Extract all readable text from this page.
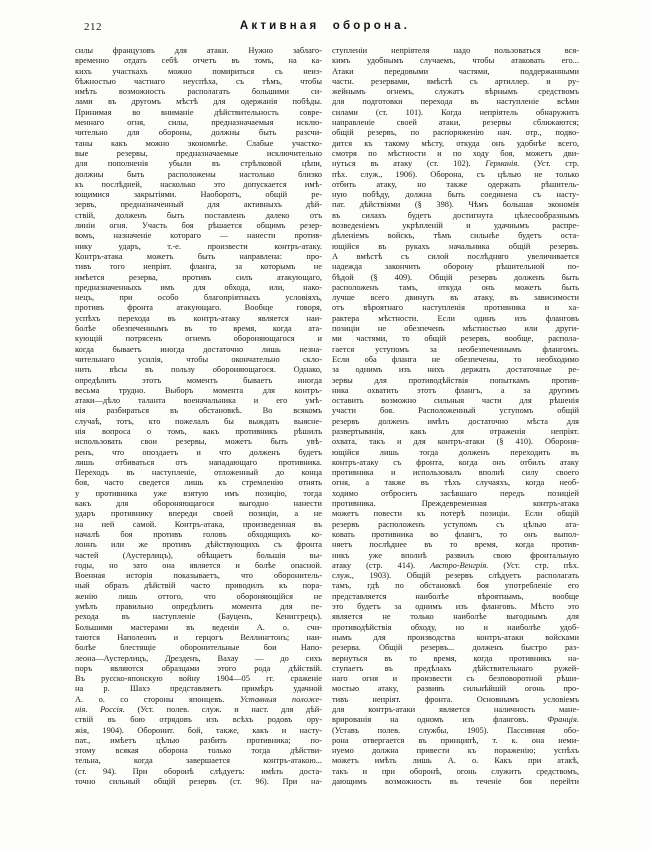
212	Активная оборона.
силы французовъ для атаки. Нужно заблаго-
временно отдать себѣ отчетъ въ томъ, на ка-
кихъ участкахъ можно помириться съ неиз-
бѣжностью частнаго неуспѣха, съ тѣмъ, чтобы
имѣть возможность располагать большими си-
лами въ другомъ мѣстѣ для одержанія побѣды.
Принимая во вниманіе дѣйствительность совре-
меннаго огня, силы, предназначаемыя исклю-
чительно для обороны, должны быть разсчи-
таны какъ можно экономнѣе. Слабые участко-
вые резервы, предназначаемые исключительно
для пополненія убыли въ стрѣлковой цѣпи,
должны быть расположены настолько близко
къ послѣдней, насколько это допускается имѣ-
ющимися закрытіями. Наоборотъ, общій ре-
зервъ, предназначенный для активныхъ дѣй-
ствій, долженъ быть поставленъ далеко отъ
линіи огня. Участь боя рѣшается общимъ резер-
вомъ, назначеніе котораго — нанести против-
нику ударъ, т.-е. произвести контръ-атаку.
Контръ-атака можетъ быть направлена: про-
тивъ того непріят. фланга, за которымъ не
имѣется резерва, противъ силъ атакующаго,
предназначенныхъ имъ для обхода, или, нако-
нецъ, при особо благопріятныхъ условіяхъ,
противъ фронта атакующаго. Вообще говоря,
успѣхъ перехода въ контръ-атаку является наи-
болѣе обезпеченнымъ въ то время, когда ата-
кующій потрясенъ огнемъ обороняющагося и
когда бываетъ иногда достаточно лишь незна-
чительнаго усилія, чтобы окончательно скло-
нить вѣсы въ пользу обороняющагося. Однако,
опредѣлить этотъ моментъ бываетъ иногда
весьма трудно. Выборъ момента для контръ-
атаки—дѣло таланта военачальника и его умѣ-
нія разбираться въ обстановкѣ. Во всякомъ
случаѣ, тотъ, кто пожелалъ бы выждать выясне-
нія вопроса о томъ, какъ противникъ рѣшилъ
использовать свои резервы, можетъ быть увѣ-
ренъ, что опоздаетъ и что долженъ будетъ
лишь отбиваться отъ нападающаго противника.
Переходъ въ наступленіе, отложенный до конца
боя, часто сведется лишь къ стремленію отнять
у противника уже взятую имъ позицію, тогда
какъ для обороняющагося выгодно нанести
ударъ противнику впереди своей позиціи, а не
на ней самой. Контръ-атака, произведенная въ
началѣ боя противъ головъ обходящихъ ко-
лоннъ или же противъ дѣйствующихъ съ фронта
частей (Аустерлицъ), обѣщаетъ большія вы-
годы, но зато она является и болѣе опасной.
Военная исторія показываетъ, что оборонитель-
ный образъ дѣйствій часто приводилъ къ пора-
женію лишь оттого, что обороняющійся не
умѣлъ правильно опредѣлить момента для пе-
рехода въ наступленіе (Бауценъ, Кениггрецъ).
Большими мастерами въ веденіи А. о. счи-
таются Наполеонъ и герцогъ Веллингтонъ; наи-
болѣе блестящіе оборонительные бои Напо-
леона—Аустерлицъ, Дрезденъ, Вахау — до сихъ
поръ являются образцами этого рода дѣйствій.
Въ русско-японскую войну 1904—05 гг. сраженіе
на р. Шахэ представляетъ примѣръ удачной
А. о. со стороны японцевъ. Уставныя положе-
нія. Россія. (Уст. полев. служ. и наст. для дѣй-
ствій въ бою отрядовъ изъ всѣхъ родовъ ору-
жія, 1904). Оборонит. бой, также, какъ и насту-
пат., имѣетъ цѣлью разбить противника; по-
этому всякая оборона только тогда дѣйстви-
тельна, когда завершается контръ-атакою...
(ст. 94). При оборонѣ слѣдуетъ: имѣть доста-
точно сильный общій резервъ (ст. 96). При на-
ступленіи непріятеля надо пользоваться вся-
кимъ удобнымъ случаемъ, чтобы атаковать его...
Атаки передовыми частями, поддержанными
частн. резервами, вмѣстѣ съ артиллер. и ру-
жейнымъ огнемъ, служатъ вѣрнымъ средствомъ
для подготовки перехода въ наступленіе всѣми
силами (ст. 101). Когда непріятель обнаружитъ
направленіе своей атаки, резервы сближаются;
общій резервъ, по распоряженію нач. отр., подво-
дится къ такому мѣсту, откуда онъ удобнѣе всего,
смотря по мѣстности и по ходу боя, можетъ дви-
нуться въ атаку (ст. 102). Германія. (Уст. стр.
пѣх. служ., 1906). Оборона, съ цѣлью не только
отбить атаку, но также одержать рѣшитель-
ную побѣду, должна быть соединена съ насту-
пат. дѣйствіями (§ 398). Чѣмъ большая экономія
въ силахъ будетъ достигнута цѣлесообразнымъ
возведеніемъ укрѣпленій и удачнымъ распре-
дѣленіемъ войскъ, тѣмъ сильнѣе будетъ оста-
ющійся въ рукахъ начальника общій резервъ.
А вмѣстѣ съ силой послѣдняго увеличивается
надежда закончить оборону рѣшительной по-
бѣдой (§ 409). Общій резервъ долженъ быть
расположенъ тамъ, откуда онъ можетъ быть
лучше всего двинутъ въ атаку, въ зависимости
отъ вѣроятнаго наступленія противника и ха-
рактера мѣстности. Если одинъ изъ фланговъ
позиціи не обезпеченъ мѣстностью или други-
ми частями, то общій резервъ, вообще, распола-
гается уступомъ за необезпеченнымъ флангомъ.
Если оба фланга не обезпечены, то необходимо
за однимъ изъ нихъ держать достаточные ре-
зервы для противодѣйствія попыткамъ против-
ника охватить этотъ флангъ, а за другимъ
оставить возможно сильныя части для рѣшенія
участи боя. Расположенный уступомъ общій
резервъ долженъ имѣть достаточно мѣста для
развертыванія, какъ для отраженія непріят.
охвата, такъ и для контръ-атаки (§ 410). Обороня-
ющійся лишь тогда долженъ переходить въ
контръ-атаку съ фронта, когда онъ отбилъ атаку
противника и использовалъ вполнѣ силу своего
огня, а также въ тѣхъ случаяхъ, когда необ-
ходимо отбросить засѣвшаго передъ позиціей
противника. Преждевременная контръ-атака
можетъ повести къ потерѣ позиціи. Если общій
резервъ расположенъ уступомъ съ цѣлью ата-
ковать противника во флангъ, то онъ выпол-
няетъ послѣднее въ то время, когда против-
никъ уже вполнѣ развилъ свою фронтальную
атаку (стр. 414). Австро-Венгрія. (Уст. стр. пѣх.
служ., 1903). Общій резервъ слѣдуетъ располагать
тамъ, гдѣ по обстановкѣ боя употребленіе его
представляется наиболѣе вѣроятнымъ, вообще
это будетъ за однимъ изъ фланговъ. Мѣсто это
является не только наиболѣе выгоднымъ для
противодѣйствія обходу, но и наиболѣе удоб-
нымъ для производства контръ-атаки войсками
резерва. Общій резервъ... долженъ быстро раз-
вернуться въ то время, когда противникъ на-
ступаетъ въ предѣлахъ дѣйствительнаго ружей-
наго огня и произвести съ безповоротной рѣши-
мостью атаку, развивъ сильнѣйшій огонь про-
тивъ непріят. фронта. Основнымъ условіемъ
для контръ-атаки является наличность мане-
врированія на одномъ изъ фланговъ. Франція.
(Уставъ полев. службы, 1905). Пассивная обо-
рона отвергается въ принципѣ, т. к. она неми-
нуемо должна привести къ пораженію; успѣхъ
можетъ имѣть лишь А. о. Какъ при атакѣ,
такъ и при оборонѣ, огонь служитъ средствомъ,
дающимъ возможность въ теченіе боя перейти
